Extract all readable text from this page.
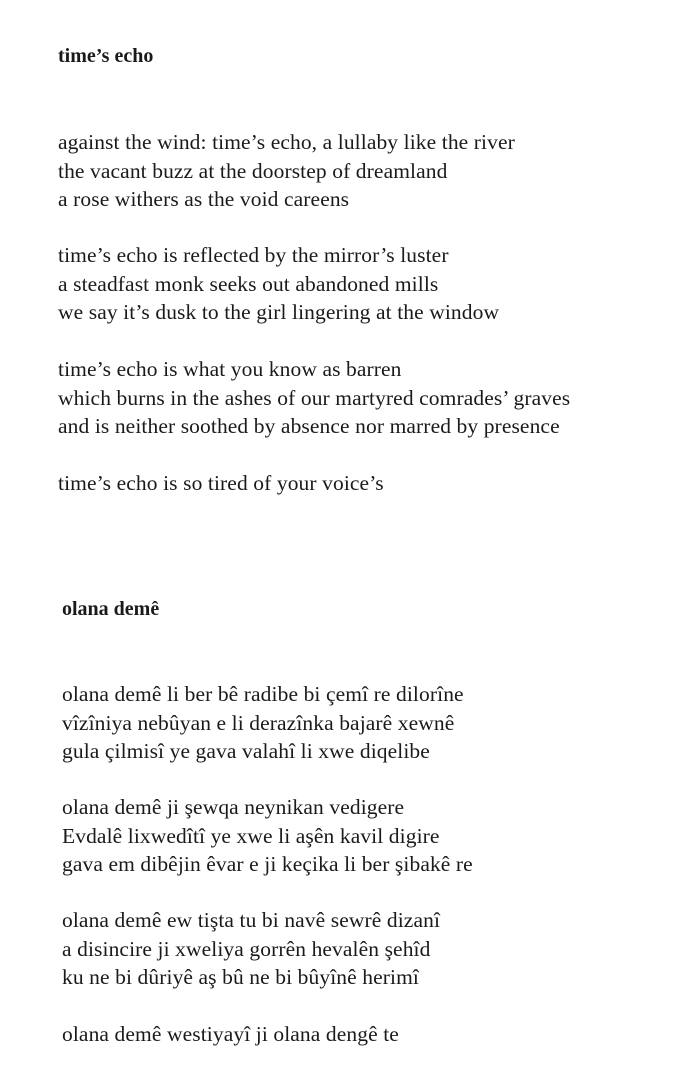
time’s echo

against the wind: time’s echo, a lullaby like the river
the vacant buzz at the doorstep of dreamland
a rose withers as the void careens

time’s echo is reflected by the mirror’s luster
a steadfast monk seeks out abandoned mills
we say it’s dusk to the girl lingering at the window

time’s echo is what you know as barren
which burns in the ashes of our martyred comrades’ graves
and is neither soothed by absence nor marred by presence

time’s echo is so tired of your voice’s

olana demê

olana demê li ber bê radibe bi çemî re dilorîne
vîzîniya nebûyan e li derazînka bajarê xewnê
gula çilmisî ye gava valahî li xwe diqelibe

olana demê ji şewqa neynikan vedigere
Evdalê lixwedîtî ye xwe li aşên kavil digire
gava em dibêjin êvar e ji keçika li ber şibakê re

olana demê ew tişta tu bi navê sewrê dizanî
a disincire ji xweliya gorrên hevalên şehîd
ku ne bi dûriyê aş bû ne bi bûyînê herimî

olana demê westiyayî ji olana dengê te
